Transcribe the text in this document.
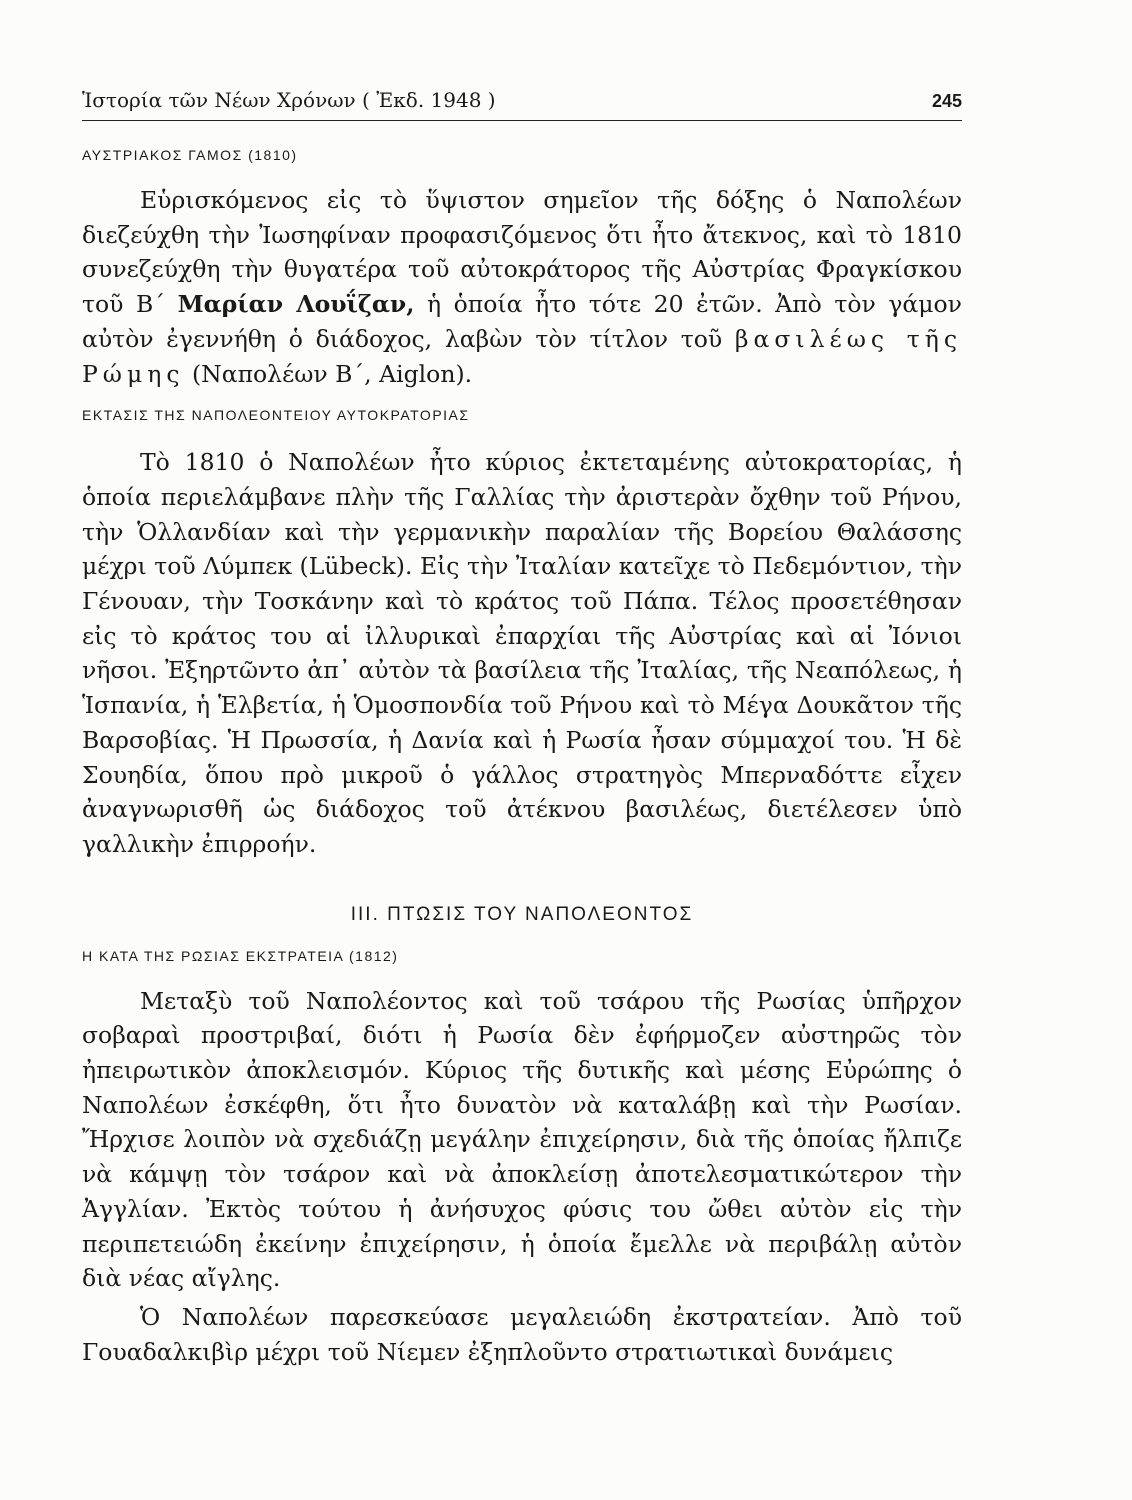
Ἱστορία τῶν Νέων Χρόνων ( Ἐκδ. 1948 )	245

ΑΥΣΤΡΙΑΚΟΣ ΓΑΜΟΣ (1810)

Εὑρισκόμενος εἰς τὸ ὕψιστον σημεῖον τῆς δόξης ὁ Ναπολέων διεζεύχθη τὴν Ἰωσηφίναν προφασιζόμενος ὅτι ἦτο ἄτεκνος, καὶ τὸ 1810 συνεζεύχθη τὴν θυγατέρα τοῦ αὐτοκράτορος τῆς Αὐστρίας Φραγκίσκου τοῦ Β΄ Μαρίαν Λουΐζαν, ἡ ὁποία ἦτο τότε 20 ἐτῶν. Ἀπὸ τὸν γάμον αὐτὸν ἐγεννήθη ὁ διάδοχος, λαβὼν τὸν τίτλον τοῦ βασιλέως τῆς Ρώμης (Ναπολέων Β΄, Aiglon).

ΕΚΤΑΣΙΣ ΤΗΣ ΝΑΠΟΛΕΟΝΤΕΙΟΥ ΑΥΤΟΚΡΑΤΟΡΙΑΣ

Τὸ 1810 ὁ Ναπολέων ἦτο κύριος ἐκτεταμένης αὐτοκρατορίας, ἡ ὁποία περιελάμβανε πλὴν τῆς Γαλλίας τὴν ἀριστερὰν ὄχθην τοῦ Ρήνου, τὴν Ὁλλανδίαν καὶ τὴν γερμανικὴν παραλίαν τῆς Βορείου Θαλάσσης μέχρι τοῦ Λύμπεκ (Lübeck). Εἰς τὴν Ἰταλίαν κατεῖχε τὸ Πεδεμόντιον, τὴν Γένουαν, τὴν Τοσκάνην καὶ τὸ κράτος τοῦ Πάπα. Τέλος προσετέθησαν εἰς τὸ κράτος του αἱ ἰλλυρικαὶ ἐπαρχίαι τῆς Αὐστρίας καὶ αἱ Ἰόνιοι νῆσοι. Ἐξηρτῶντο ἀπ᾿ αὐτὸν τὰ βασίλεια τῆς Ἰταλίας, τῆς Νεαπόλεως, ἡ Ἱσπανία, ἡ Ἑλβετία, ἡ Ὁμοσπονδία τοῦ Ρήνου καὶ τὸ Μέγα Δουκᾶτον τῆς Βαρσοβίας. Ἡ Πρωσσία, ἡ Δανία καὶ ἡ Ρωσία ἦσαν σύμμαχοί του. Ἡ δὲ Σουηδία, ὅπου πρὸ μικροῦ ὁ γάλλος στρατηγὸς Μπερναδόττε εἶχεν ἀναγνωρισθῆ ὡς διάδοχος τοῦ ἀτέκνου βασιλέως, διετέλεσεν ὑπὸ γαλλικὴν ἐπιρροήν.

III. ΠΤΩΣΙΣ ΤΟΥ ΝΑΠΟΛΕΟΝΤΟΣ

Η ΚΑΤΑ ΤΗΣ ΡΩΣΙΑΣ ΕΚΣΤΡΑΤΕΙΑ (1812)

Μεταξὺ τοῦ Ναπολέοντος καὶ τοῦ τσάρου τῆς Ρωσίας ὑπῆρχον σοβαραὶ προστριβαί, διότι ἡ Ρωσία δὲν ἐφήρμοζεν αὐστηρῶς τὸν ἠπειρωτικὸν ἀποκλεισμόν. Κύριος τῆς δυτικῆς καὶ μέσης Εὐρώπης ὁ Ναπολέων ἐσκέφθη, ὅτι ἦτο δυνατὸν νὰ καταλάβῃ καὶ τὴν Ρωσίαν. Ἤρχισε λοιπὸν νὰ σχεδιάζῃ μεγάλην ἐπιχείρησιν, διὰ τῆς ὁποίας ἤλπιζε νὰ κάμψῃ τὸν τσάρον καὶ νὰ ἀποκλείσῃ ἀποτελεσματικώτερον τὴν Ἀγγλίαν. Ἐκτὸς τούτου ἡ ἀνήσυχος φύσις του ὤθει αὐτὸν εἰς τὴν περιπετειώδη ἐκείνην ἐπιχείρησιν, ἡ ὁποία ἔμελλε νὰ περιβάλῃ αὐτὸν διὰ νέας αἴγλης.

Ὁ Ναπολέων παρεσκεύασε μεγαλειώδη ἐκστρατείαν. Ἀπὸ τοῦ Γουαδαλκιβὶρ μέχρι τοῦ Νίεμεν ἐξηπλοῦντο στρατιωτικαὶ δυνάμεις
